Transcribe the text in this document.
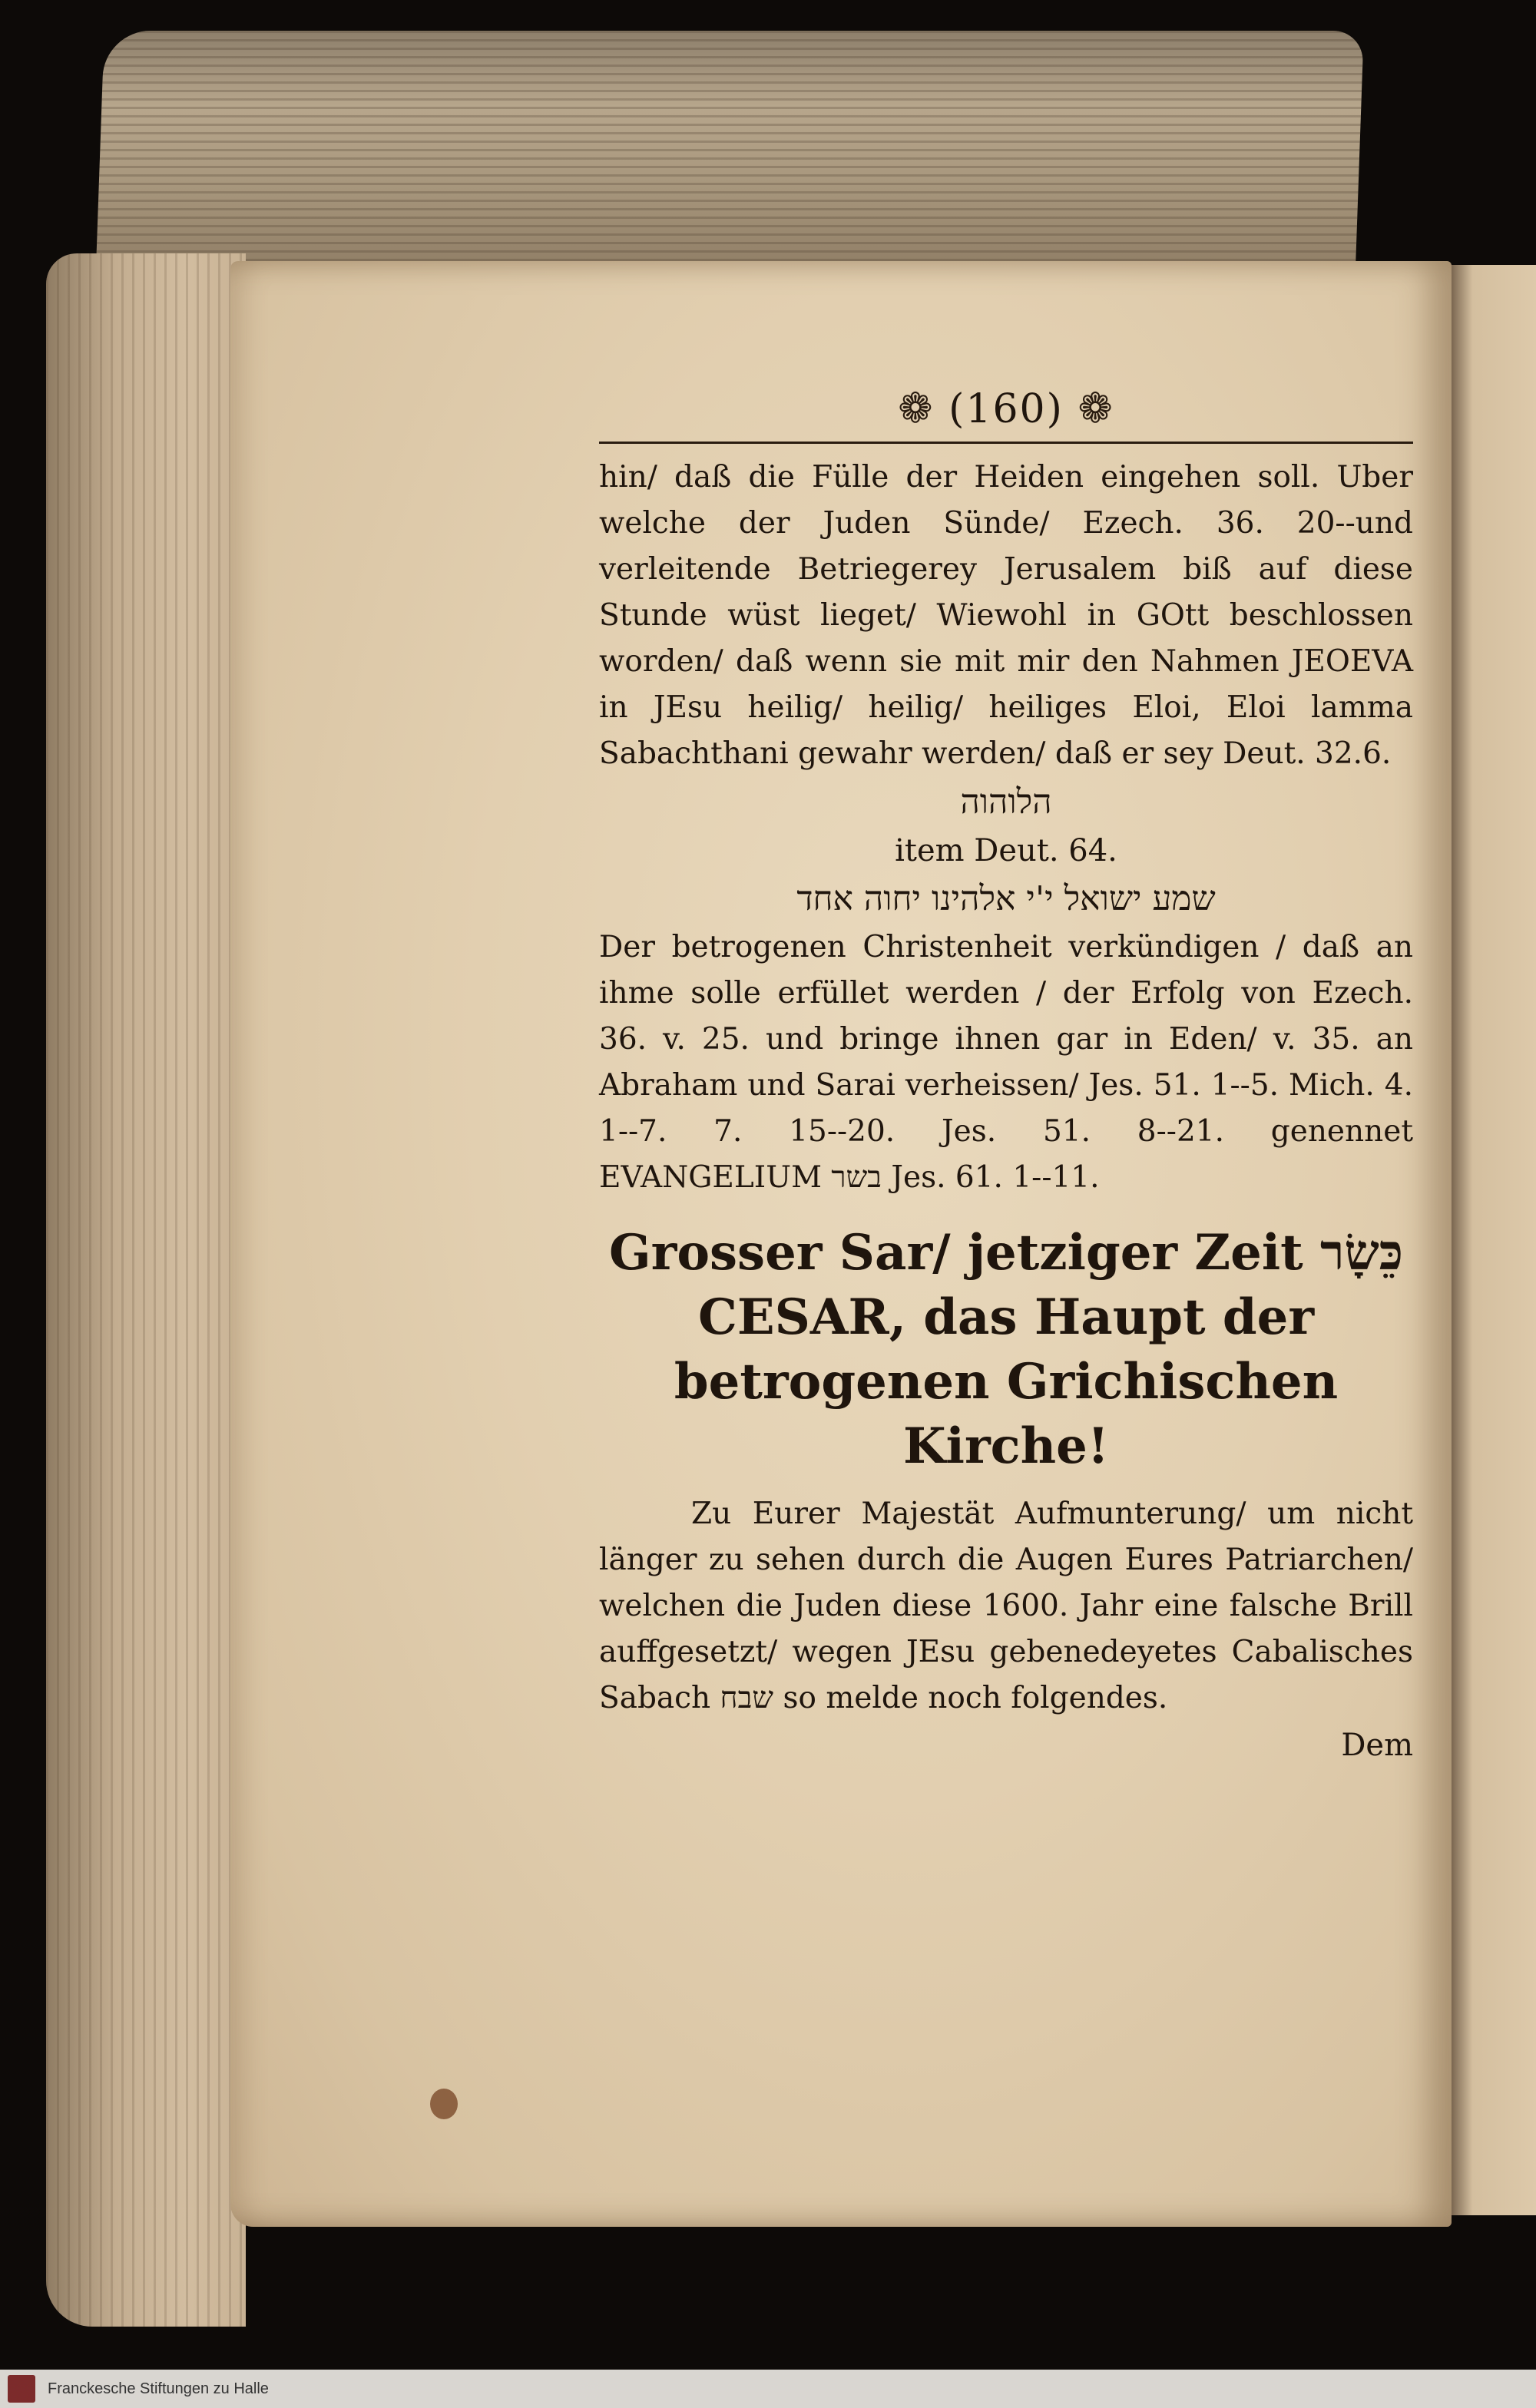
❁ (160) ❁
hin/ daß die Fülle der Heiden eingehen soll. Uber welche der Juden Sünde/ Ezech. 36. 20--und verleitende Betriegerey Jerusalem biß auf diese Stunde wüst lieget/ Wiewohl in GOtt beschlossen worden/ daß wenn sie mit mir den Nahmen JEOEVA in JEsu heilig/ heilig/ heiliges Eloi, Eloi lamma Sabachthani gewahr werden/ daß er sey Deut. 32.6.
הלוהוה
item Deut. 64.
שמע ישואל י'י אלהינו יחוה אחד
Der betrogenen Christenheit verkündigen / daß an ihme solle erfüllet werden / der Erfolg von Ezech. 36. v. 25. und bringe ihnen gar in Eden/ v. 35. an Abraham und Sarai verheissen/ Jes. 51. 1--5. Mich. 4. 1--7. 7. 15--20. Jes. 51. 8--21. genennet EVANGELIUM בשר Jes. 61. 1--11.
Grosser Sar/ jetziger Zeit כֵּשָׂר CESAR, das Haupt der betrogenen Grichischen Kirche!
Zu Eurer Majestät Aufmunterung/ um nicht länger zu sehen durch die Augen Eures Patriarchen/ welchen die Juden diese 1600. Jahr eine falsche Brill auffgesetzt/ wegen JEsu gebenedeyetes Cabalisches Sabach שבח so melde noch folgendes.
Dem
Franckesche Stiftungen zu Halle
